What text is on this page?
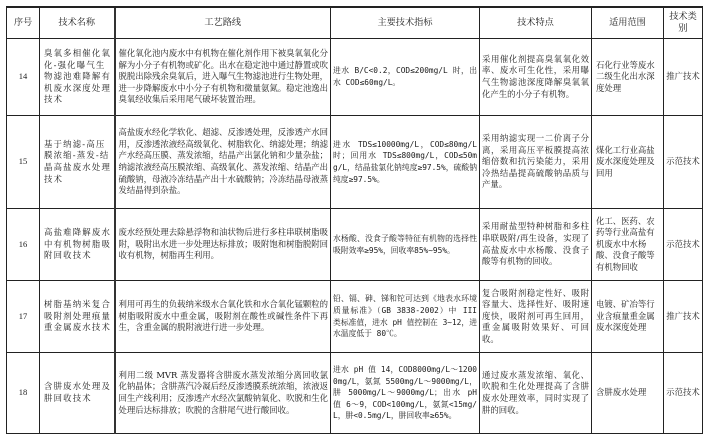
序号	技术名称	工艺路线	主要技术指标	技术特点	适用范围	技术类别
14	臭氧多相催化氧化-强化曝气生物滤池难降解有机废水深度处理技术	催化氧化池内废水中有机物在催化剂作用下被臭氧氧化分解为小分子有机物或矿化。出水在稳定池中通过静置或吹脱脱出除残余臭氧后，进入曝气生物滤池进行生物处理，进一步降解废水中小分子有机物和微量氨氮。稳定池逸出臭氧经收集后采用尾气破坏装置治理。	进水 B/C<0.2，COD≤200mg/L 时，出水 COD≤60mg/L。	采用催化剂提高臭氧氧化效率、废水可生化性，采用曝气生物滤池深度降解臭氧氧化产生的小分子有机物。	石化行业等废水二级生化出水深度处理	推广技术
15	基于纳滤-高压膜浓缩-蒸发-结晶高盐废水处理技术	高盐废水经化学软化、超滤、反渗透处理，反渗透产水回用，反渗透浓液经高级氧化、树脂软化、纳滤处理；纳滤产水经高压膜、蒸发浓缩，结晶产出氯化钠和少量杂盐；纳滤浓液经高压膜浓缩、高级氧化、蒸发浓缩、结晶产出硫酸钠，母液冷冻结晶产出十水硫酸钠；冷冻结晶母液蒸发结晶得到杂盐。	进水 TDS≤10000mg/L，COD≤80mg/L 时；回用水 TDS≤800mg/L，COD≤50mg/L，结晶盐氯化钠纯度≥97.5%，硫酸钠纯度≥97.5%。	采用纳滤实现一二价离子分离，采用高压平板膜提高浓缩倍数和抗污染能力，采用冷热结晶提高硫酸钠品质与产量。	煤化工行业高盐废水深度处理及回用	示范技术
16	高盐难降解废水中有机物树脂吸附回收技术	废水经预处理去除悬浮物和油状物后进行多柱串联树脂吸附，吸附出水进一步处理达标排放；吸附饱和树脂脱附回收有机物，树脂再生利用。	水杨酸、没食子酸等特征有机物的选择性吸附效率≥95%，回收率85%~95%。	采用耐盐型特种树脂和多柱串联吸附/再生设备，实现了高盐废水中水杨酸、没食子酸等有机物的回收。	化工、医药、农药等行业高盐有机废水中水杨酸、没食子酸等有机物回收	示范技术
17	树脂基纳米复合吸附剂处理痕量重金属废水技术	利用可再生的负载纳米级水合氧化铁和水合氧化锰颗粒的树脂吸附废水中重金属，吸附剂在酸性或碱性条件下再生，含重金属的脱附液进行进一步处理。	铅、镉、砷、锑和铊可达到《地表水环境质量标准》（GB 3838-2002）中 III 类标准值，进水 pH 值控制在 3~12，进水温度低于 80℃。	复合吸附剂稳定性好、吸附容量大、选择性好、吸附速度快，吸附剂可再生回用，重金属吸附效果好、可回收。	电镀、矿冶等行业含痕量重金属废水深度处理	推广技术
18	含肼废水处理及肼回收技术	利用二级 MVR 蒸发器将含肼废水蒸发浓缩分离回收氯化钠晶体；含肼蒸汽冷凝后经反渗透膜系统浓缩，浓液返回生产线利用；反渗透产水经次氯酸钠氧化、吹脱和生化处理后达标排放；吹脱的含肼尾气进行酸回收。	进水 pH 值 14，COD8000mg/L～12000mg/L，氨氮 5500mg/L～9000mg/L，肼 5000mg/L～9000mg/L；出水 pH 值 6～9，COD<100mg/L，氨氮<15mg/L，肼<0.5mg/L，肼回收率≥65%。	通过废水蒸发浓缩、氧化、吹脱和生化处理提高了含肼废水处理效率，同时实现了肼的回收。	含肼废水处理	示范技术
